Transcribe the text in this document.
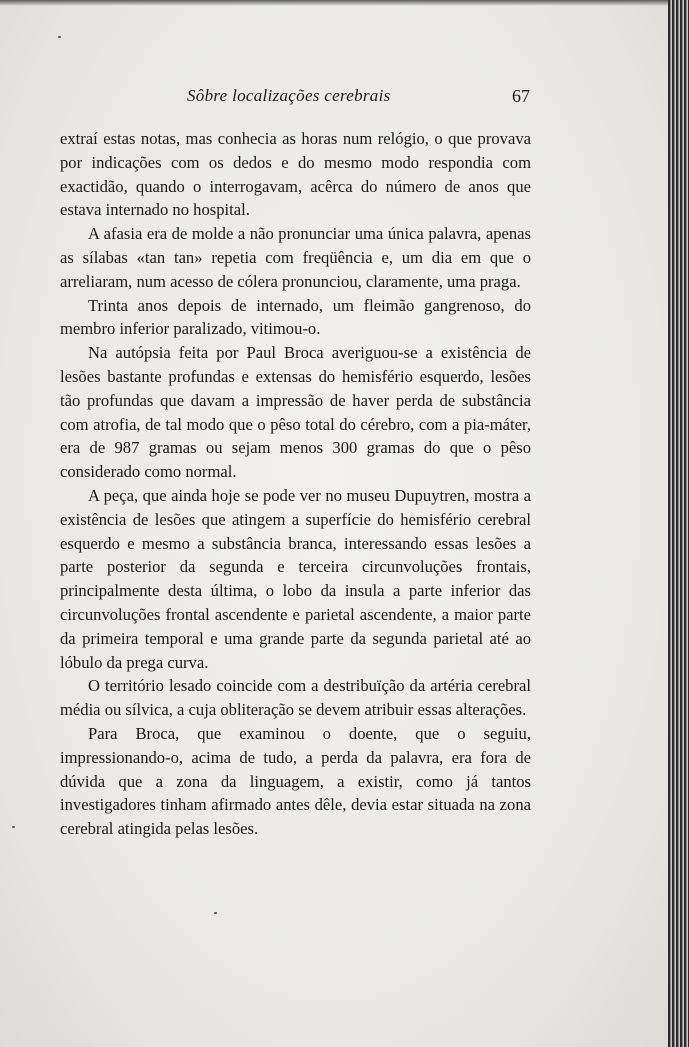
Sôbre localizações cerebrais	67

extraí estas notas, mas conhecia as horas num relógio, o que provava por indicações com os dedos e do mesmo modo respondia com exactidão, quando o interrogavam, acêrca do número de anos que estava internado no hospital.

A afasia era de molde a não pronunciar uma única palavra, apenas as sílabas «tan tan» repetia com freqüência e, um dia em que o arreliaram, num acesso de cólera pronunciou, claramente, uma praga.

Trinta anos depois de internado, um fleimão gangrenoso, do membro inferior paralizado, vitimou-o.

Na autópsia feita por Paul Broca averiguou-se a existência de lesões bastante profundas e extensas do hemisfério esquerdo, lesões tão profundas que davam a impressão de haver perda de substância com atrofia, de tal modo que o pêso total do cérebro, com a pia-máter, era de 987 gramas ou sejam menos 300 gramas do que o pêso considerado como normal.

A peça, que ainda hoje se pode ver no museu Dupuytren, mostra a existência de lesões que atingem a superfície do hemisfério cerebral esquerdo e mesmo a substância branca, interessando essas lesões a parte posterior da segunda e terceira circunvoluções frontais, principalmente desta última, o lobo da insula a parte inferior das circunvoluções frontal ascendente e parietal ascendente, a maior parte da primeira temporal e uma grande parte da segunda parietal até ao lóbulo da prega curva.

O território lesado coincide com a destribuïção da artéria cerebral média ou sílvica, a cuja obliteração se devem atribuir essas alterações.

Para Broca, que examinou o doente, que o seguiu, impressionando-o, acima de tudo, a perda da palavra, era fora de dúvida que a zona da linguagem, a existir, como já tantos investigadores tinham afirmado antes dêle, devia estar situada na zona cerebral atingida pelas lesões.
